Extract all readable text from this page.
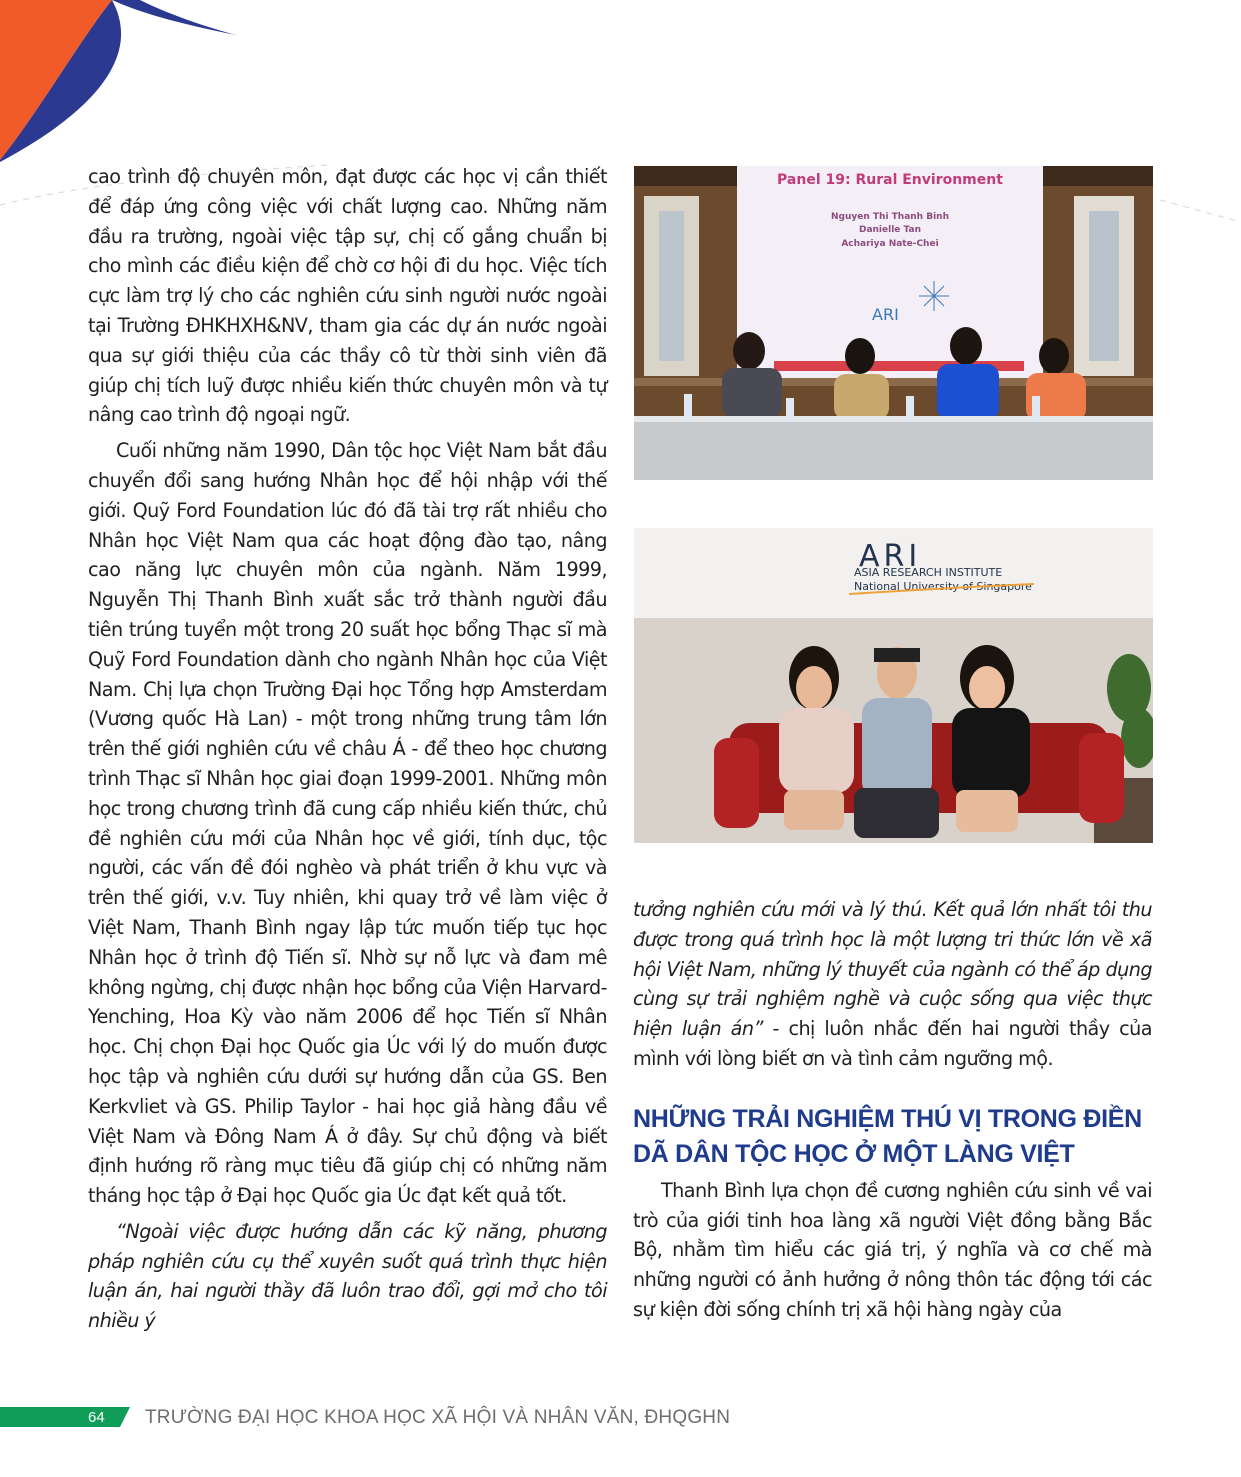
cao trình độ chuyên môn, đạt được các học vị cần thiết để đáp ứng công việc với chất lượng cao. Những năm đầu ra trường, ngoài việc tập sự, chị cố gắng chuẩn bị cho mình các điều kiện để chờ cơ hội đi du học. Việc tích cực làm trợ lý cho các nghiên cứu sinh người nước ngoài tại Trường ĐHKHXH&NV, tham gia các dự án nước ngoài qua sự giới thiệu của các thầy cô từ thời sinh viên đã giúp chị tích luỹ được nhiều kiến thức chuyên môn và tự nâng cao trình độ ngoại ngữ.

Cuối những năm 1990, Dân tộc học Việt Nam bắt đầu chuyển đổi sang hướng Nhân học để hội nhập với thế giới. Quỹ Ford Foundation lúc đó đã tài trợ rất nhiều cho Nhân học Việt Nam qua các hoạt động đào tạo, nâng cao năng lực chuyên môn của ngành. Năm 1999, Nguyễn Thị Thanh Bình xuất sắc trở thành người đầu tiên trúng tuyển một trong 20 suất học bổng Thạc sĩ mà Quỹ Ford Foundation dành cho ngành Nhân học của Việt Nam. Chị lựa chọn Trường Đại học Tổng hợp Amsterdam (Vương quốc Hà Lan) - một trong những trung tâm lớn trên thế giới nghiên cứu về châu Á - để theo học chương trình Thạc sĩ Nhân học giai đoạn 1999-2001. Những môn học trong chương trình đã cung cấp nhiều kiến thức, chủ đề nghiên cứu mới của Nhân học về giới, tính dục, tộc người, các vấn đề đói nghèo và phát triển ở khu vực và trên thế giới, v.v. Tuy nhiên, khi quay trở về làm việc ở Việt Nam, Thanh Bình ngay lập tức muốn tiếp tục học Nhân học ở trình độ Tiến sĩ. Nhờ sự nỗ lực và đam mê không ngừng, chị được nhận học bổng của Viện Harvard-Yenching, Hoa Kỳ vào năm 2006 để học Tiến sĩ Nhân học. Chị chọn Đại học Quốc gia Úc với lý do muốn được học tập và nghiên cứu dưới sự hướng dẫn của GS. Ben Kerkvliet và GS. Philip Taylor - hai học giả hàng đầu về Việt Nam và Đông Nam Á ở đây. Sự chủ động và biết định hướng rõ ràng mục tiêu đã giúp chị có những năm tháng học tập ở Đại học Quốc gia Úc đạt kết quả tốt.

“Ngoài việc được hướng dẫn các kỹ năng, phương pháp nghiên cứu cụ thể xuyên suốt quá trình thực hiện luận án, hai người thầy đã luôn trao đổi, gợi mở cho tôi nhiều ý

Panel 19: Rural Environment
Nguyen Thi Thanh Binh
Danielle Tan
Achariya Nate-Chei
ARI
ARI
ASIA RESEARCH INSTITUTE
National University of Singapore

tưởng nghiên cứu mới và lý thú. Kết quả lớn nhất tôi thu được trong quá trình học là một lượng tri thức lớn về xã hội Việt Nam, những lý thuyết của ngành có thể áp dụng cùng sự trải nghiệm nghề và cuộc sống qua việc thực hiện luận án” - chị luôn nhắc đến hai người thầy của mình với lòng biết ơn và tình cảm ngưỡng mộ.

NHỮNG TRẢI NGHIỆM THÚ VỊ TRONG ĐIỀN DÃ DÂN TỘC HỌC Ở MỘT LÀNG VIỆT

Thanh Bình lựa chọn đề cương nghiên cứu sinh về vai trò của giới tinh hoa làng xã người Việt đồng bằng Bắc Bộ, nhằm tìm hiểu các giá trị, ý nghĩa và cơ chế mà những người có ảnh hưởng ở nông thôn tác động tới các sự kiện đời sống chính trị xã hội hàng ngày của

64 TRƯỜNG ĐẠI HỌC KHOA HỌC XÃ HỘI VÀ NHÂN VĂN, ĐHQGHN
